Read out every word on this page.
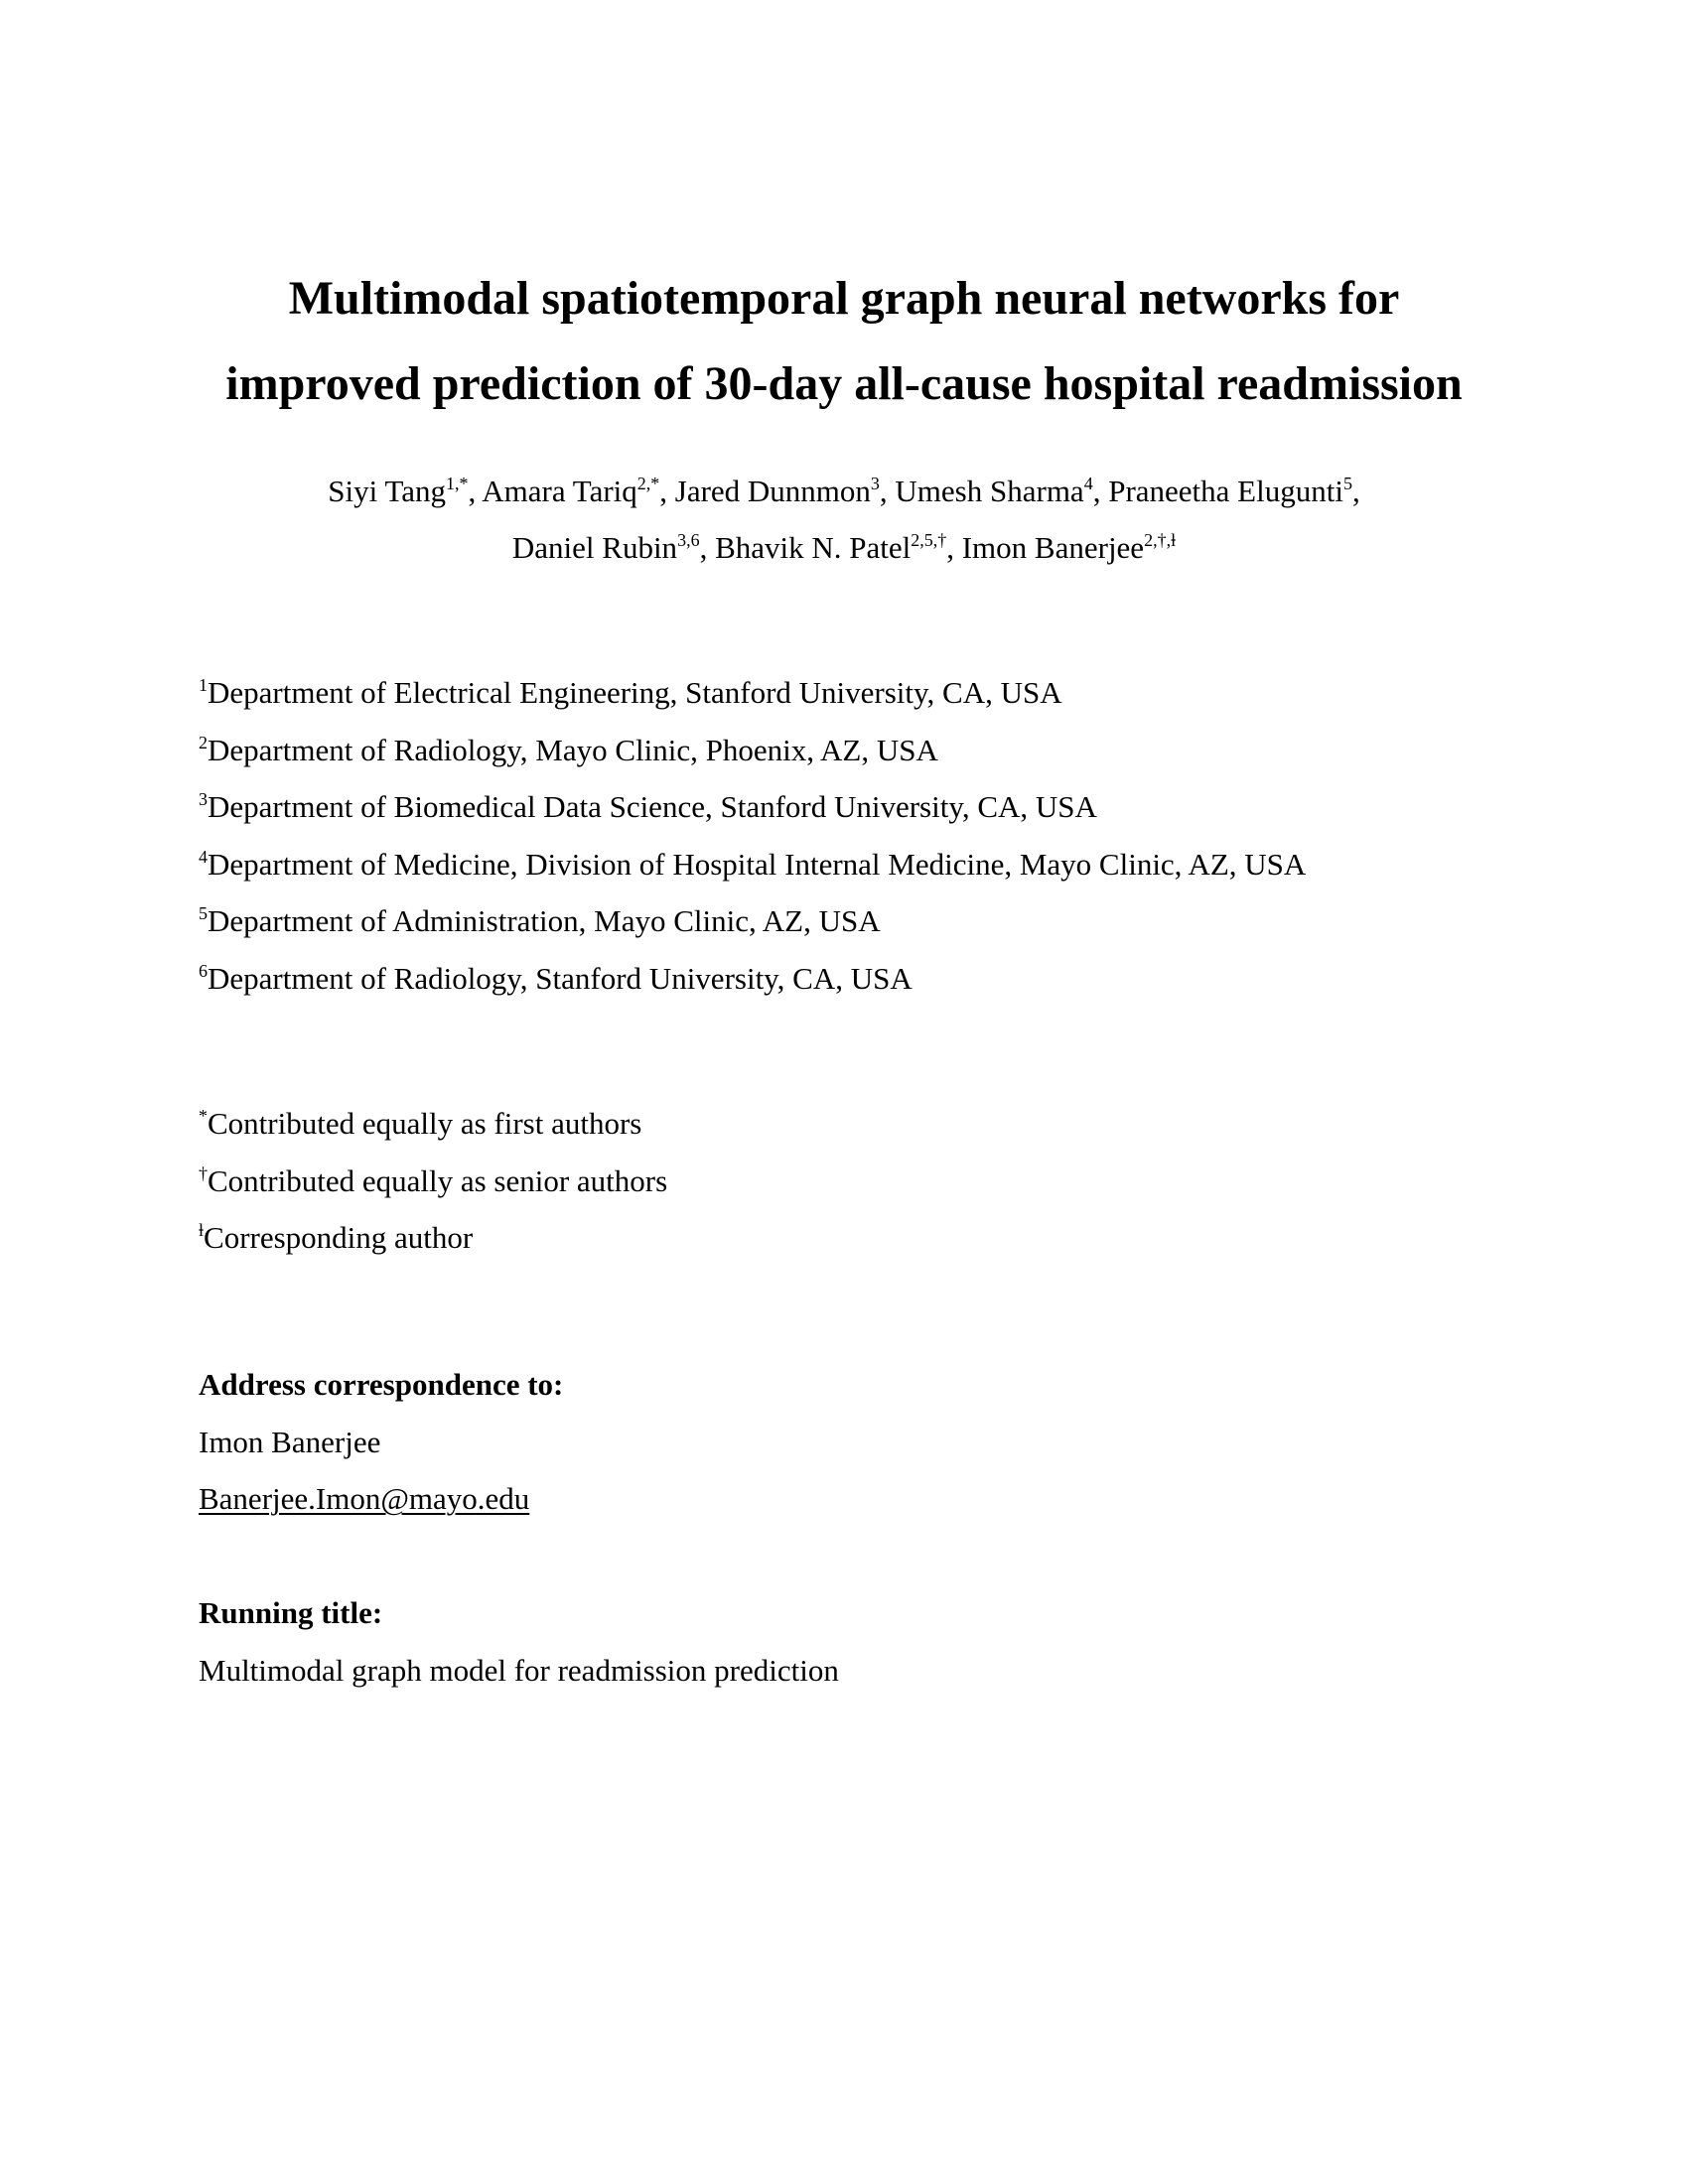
Multimodal spatiotemporal graph neural networks for
improved prediction of 30-day all-cause hospital readmission
Siyi Tang$^{1,*}$, Amara Tariq$^{2,*}$, Jared Dunnmon$^3$, Umesh Sharma$^4$, Praneetha Elugunti$^5$,
Daniel Rubin$^{3,6}$, Bhavik N. Patel$^{2,5,\dagger}$, Imon Banerjee$^{2,\dagger,ⱡ}$
$^1$Department of Electrical Engineering, Stanford University, CA, USA
$^2$Department of Radiology, Mayo Clinic, Phoenix, AZ, USA
$^3$Department of Biomedical Data Science, Stanford University, CA, USA
$^4$Department of Medicine, Division of Hospital Internal Medicine, Mayo Clinic, AZ, USA
$^5$Department of Administration, Mayo Clinic, AZ, USA
$^6$Department of Radiology, Stanford University, CA, USA
*Contributed equally as first authors
†Contributed equally as senior authors
$^ⱡ$Corresponding author
Address correspondence to:
Imon Banerjee
Banerjee.Imon@mayo.edu
Running title:
Multimodal graph model for readmission prediction
